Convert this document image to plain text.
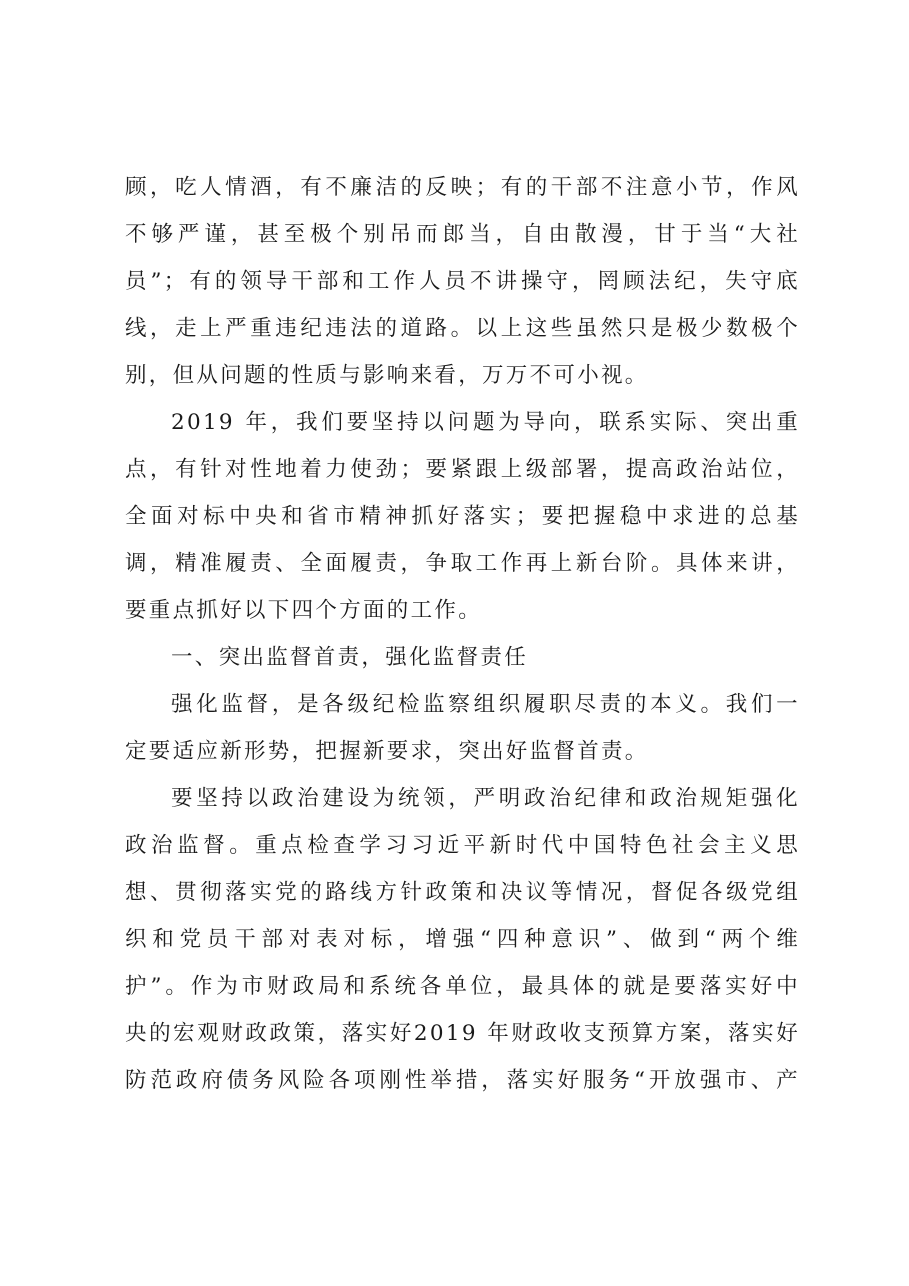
顾，吃人情酒，有不廉洁的反映；有的干部不注意小节，作风
不够严谨，甚至极个别吊而郎当，自由散漫，甘于当“大社
员”；有的领导干部和工作人员不讲操守，罔顾法纪，失守底
线，走上严重违纪违法的道路。以上这些虽然只是极少数极个
别，但从问题的性质与影响来看，万万不可小视。
2019 年，我们要坚持以问题为导向，联系实际、突出重
点，有针对性地着力使劲；要紧跟上级部署，提高政治站位，
全面对标中央和省市精神抓好落实；要把握稳中求进的总基
调，精准履责、全面履责，争取工作再上新台阶。具体来讲，
要重点抓好以下四个方面的工作。
一、突出监督首责，强化监督责任
强化监督，是各级纪检监察组织履职尽责的本义。我们一
定要适应新形势，把握新要求，突出好监督首责。
要坚持以政治建设为统领，严明政治纪律和政治规矩强化
政治监督。重点检查学习习近平新时代中国特色社会主义思
想、贯彻落实党的路线方针政策和决议等情况，督促各级党组
织和党员干部对表对标，增强“四种意识”、做到“两个维
护”。作为市财政局和系统各单位，最具体的就是要落实好中
央的宏观财政政策，落实好2019 年财政收支预算方案，落实好
防范政府债务风险各项刚性举措，落实好服务“开放强市、产
